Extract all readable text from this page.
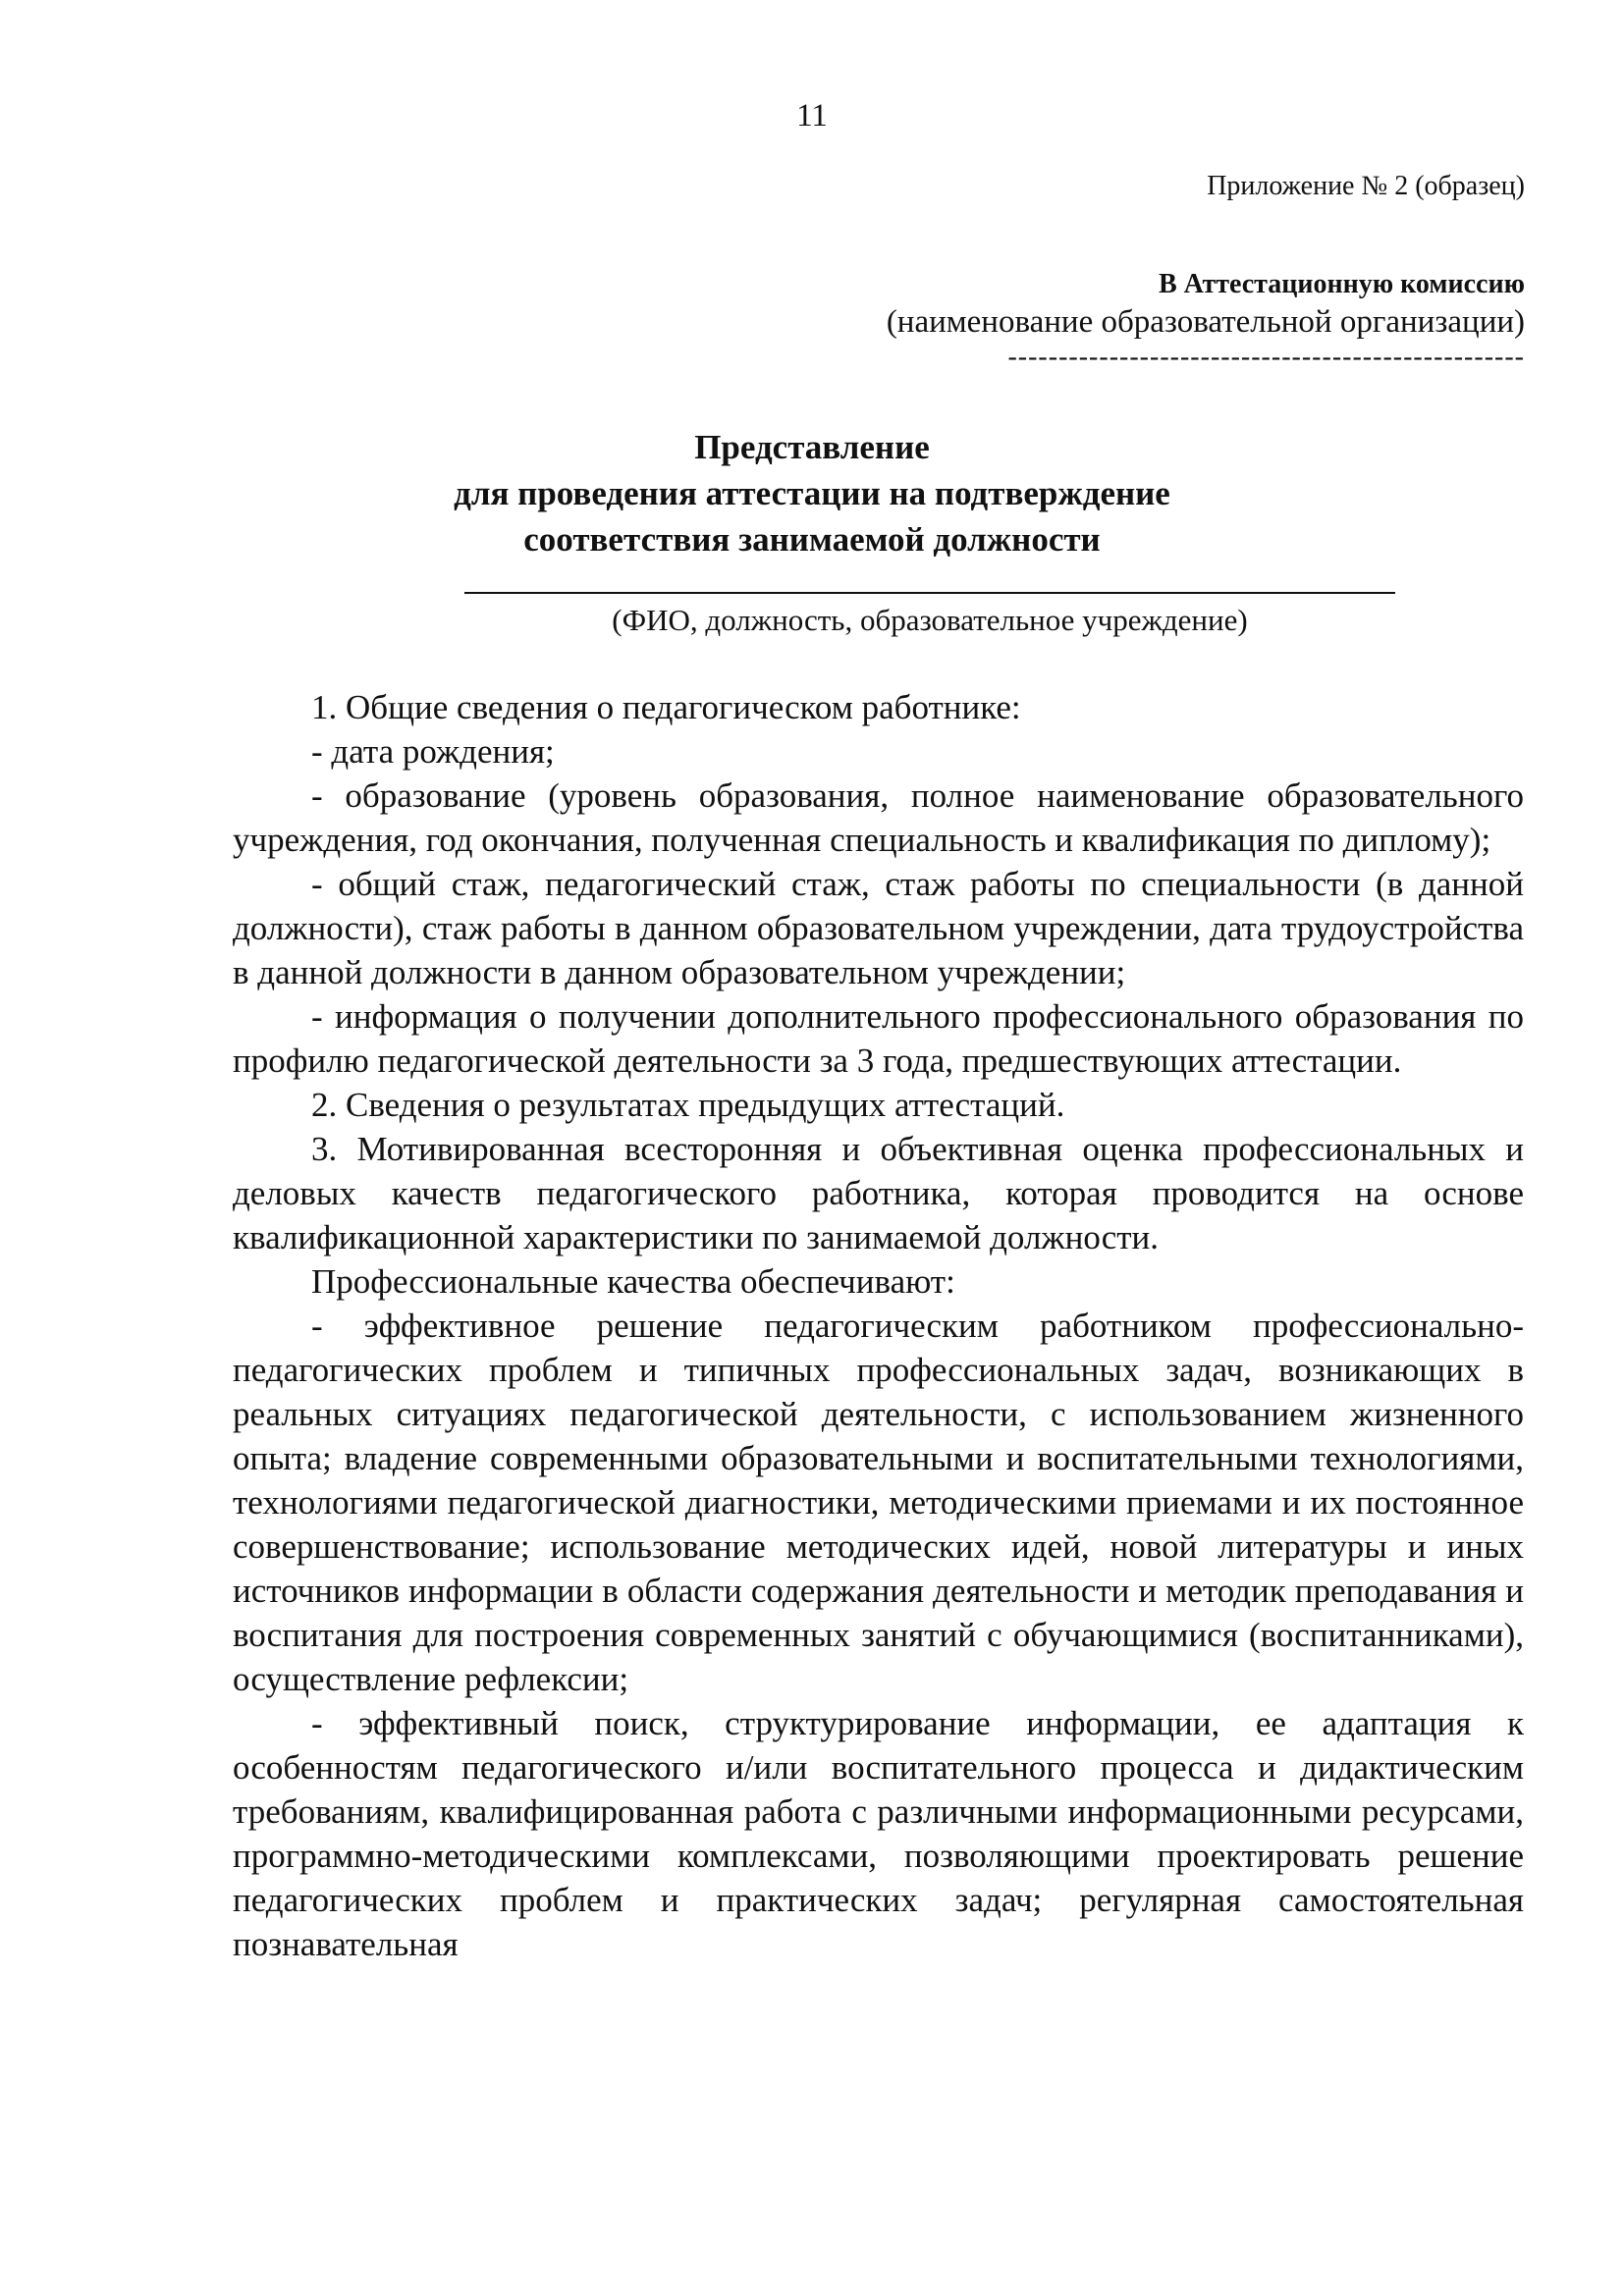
11
Приложение № 2 (образец)
В Аттестационную комиссию
(наименование образовательной организации)
---------------------------------------------------
Представление
для проведения аттестации на подтверждение
соответствия занимаемой должности
(ФИО, должность, образовательное учреждение)

1. Общие сведения о педагогическом работнике:

- дата рождения;

- образование (уровень образования, полное наименование образовательного учреждения, год окончания, полученная специальность и квалификация по диплому);

- общий стаж, педагогический стаж, стаж работы по специальности (в данной должности), стаж работы в данном образовательном учреждении, дата трудоустройства в данной должности в данном образовательном учреждении;

- информация о получении дополнительного профессионального образования по профилю педагогической деятельности за 3 года, предшествующих аттестации.

2. Сведения о результатах предыдущих аттестаций.

3. Мотивированная всесторонняя и объективная оценка профессиональных и деловых качеств педагогического работника, которая проводится на основе квалификационной характеристики по занимаемой должности.

Профессиональные качества обеспечивают:

- эффективное решение педагогическим работником профессионально-педагогических проблем и типичных профессиональных задач, возникающих в реальных ситуациях педагогической деятельности, с использованием жизненного опыта; владение современными образовательными и воспитательными технологиями, технологиями педагогической диагностики, методическими приемами и их постоянное совершенствование; использование методических идей, новой литературы и иных источников информации в области содержания деятельности и методик преподавания и воспитания для построения современных занятий с обучающимися (воспитанниками), осуществление рефлексии;

- эффективный поиск, структурирование информации, ее адаптация к особенностям педагогического и/или воспитательного процесса и дидактическим требованиям, квалифицированная работа с различными информационными ресурсами, программно-методическими комплексами, позволяющими проектировать решение педагогических проблем и практических задач; регулярная самостоятельная познавательная
